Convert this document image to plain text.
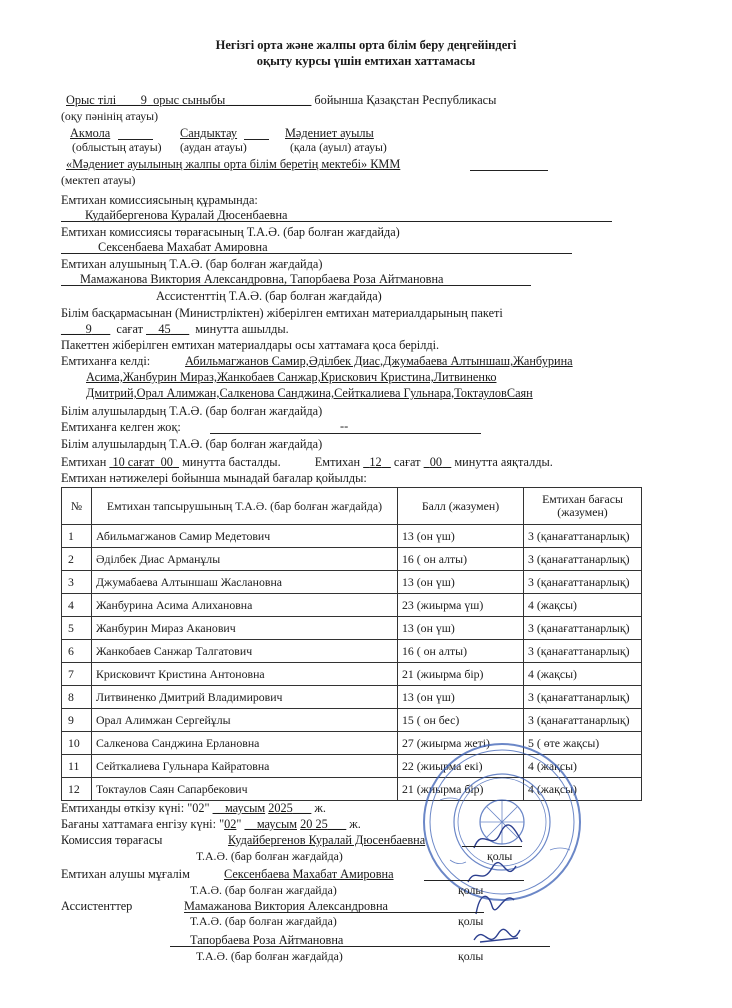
Негізгі орта және жалпы орта білім беру деңгейіндегі
оқыту курсы үшін емтихан хаттамасы
Орыс тілі____9 орыс сыныбы______________ бойынша Қазақстан Республикасы
(оқу пәнінің атауы)
Акмола	Сандыктау	Мәдениет ауылы
(облыстың атауы) (аудан атауы)	(қала (ауыл) атауы)
«Мәдениет ауылының жалпы орта білім беретің мектебі» КММ
(мектеп атауы)
Емтихан комиссиясының құрамында:
Кудайбергенова Куралай Дюсенбаевна
Емтихан комиссиясы төрағасының Т.А.Ә. (бар болған жағдайда)
Сексенбаева Махабат Амировна
Емтихан алушының Т.А.Ә. (бар болған жағдайда)
Мамажанова Виктория Александровна, Тапорбаева Роза Айтмановна
Ассистенттің Т.А.Ә. (бар болған жағдайда)
Білім басқармасынан (Министрліктен) жіберілген емтихан материалдарының пакеті
____9___ сағат __45___ минутта ашылды.
Пакеттен жіберілген емтихан материалдары осы хаттамаға қоса берілді.
Емтиханға келді:	Абильмагжанов Самир,Әділбек Диас,Джумабаева Алтыншаш,Жанбурина
Асима,Жанбурин Мираз,Жанкобаев Санжар,Крискович Кристина,Литвиненко
Дмитрий,Орал Алимжан,Салкенова Санджина,Сейткалиева Гульнара,ТоктауловСаян
Білім алушылардың Т.А.Ә. (бар болған жағдайда)
Емтиханға келген жоқ:	--
Білім алушылардың Т.А.Ә. (бар болған жағдайда)
Емтихан 10 сағат 00 минутта басталды.	Емтихан 12 сағат 00 минутта аяқталды.
Емтихан нәтижелері бойынша мынадай бағалар қойылды:
№	Емтихан тапсырушының Т.А.Ә. (бар болған жағдайда)	Балл (жазумен)	Емтихан бағасы (жазумен)
1	Абильмагжанов Самир Медетович	13 (он үш)	3 (қанағаттанарлық)
2	Әділбек Диас Арманұлы	16 ( он алты)	3 (қанағаттанарлық)
3	Джумабаева Алтыншаш Жаслановна	13 (он үш)	3 (қанағаттанарлық)
4	Жанбурина Асима Алихановна	23 (жиырма үш)	4 (жақсы)
5	Жанбурин Мираз Аканович	13 (он үш)	3 (қанағаттанарлық)
6	Жанкобаев Санжар Талгатович	16 ( он алты)	3 (қанағаттанарлық)
7	Крисковичт Кристина Антоновна	21 (жиырма бір)	4 (жақсы)
8	Литвиненко Дмитрий Владимирович	13 (он үш)	3 (қанағаттанарлық)
9	Орал Алимжан Сергейұлы	15 ( он бес)	3 (қанағаттанарлық)
10	Салкенова Санджина Ерлановна	27 (жиырма жеті)	5 ( өте жақсы)
11	Сейткалиева Гульнара Кайратовна	22 (жиырма екі)	4 (жақсы)
12	Токтаулов Саян Сапарбекович	21 (жиырма бір)	4 (жақсы)
Емтиханды өткізу күні: "02" __маусым 2025___ ж.
Бағаны хаттамаға енгізу күні: "02" __маусым 20 25___ ж.
Комиссия төрағасы	Кудайбергенов Куралай Дюсенбаевна
Т.А.Ә. (бар болған жағдайда)	қолы
Емтихан алушы мұғалім	Сексенбаева Махабат Амировна
Т.А.Ә. (бар болған жағдайда)	қолы
Ассистенттер	Мамажанова Виктория Александровна
Т.А.Ә. (бар болған жағдайда)	қолы
Тапорбаева Роза Айтмановна
Т.А.Ә. (бар болған жағдайда)	қолы
